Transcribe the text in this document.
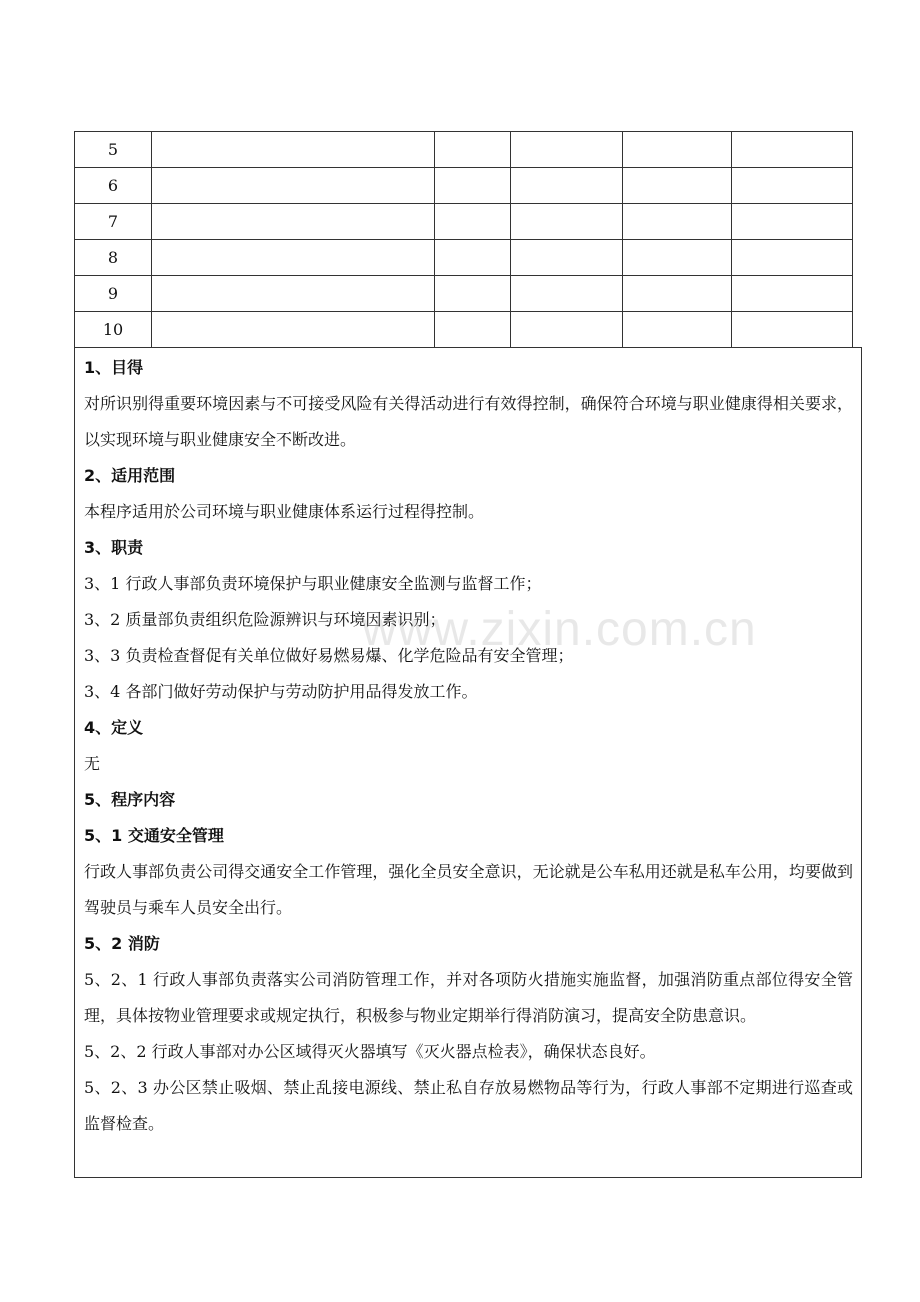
5					
6					
7					
8					
9					
10					

1、目得

对所识别得重要环境因素与不可接受风险有关得活动进行有效得控制，确保符合环境与职业健康得相关要求，以实现环境与职业健康安全不断改进。

2、适用范围

本程序适用於公司环境与职业健康体系运行过程得控制。

3、职责

3、1 行政人事部负责环境保护与职业健康安全监测与监督工作；

3、2 质量部负责组织危险源辨识与环境因素识别；

3、3 负责检查督促有关单位做好易燃易爆、化学危险品有安全管理；

3、4 各部门做好劳动保护与劳动防护用品得发放工作。

4、定义

无

5、程序内容

5、1 交通安全管理

行政人事部负责公司得交通安全工作管理，强化全员安全意识，无论就是公车私用还就是私车公用，均要做到驾驶员与乘车人员安全出行。

5、2 消防

5、2、1 行政人事部负责落实公司消防管理工作，并对各项防火措施实施监督，加强消防重点部位得安全管理，具体按物业管理要求或规定执行，积极参与物业定期举行得消防演习，提高安全防患意识。

5、2、2 行政人事部对办公区域得灭火器填写《灭火器点检表》，确保状态良好。

5、2、3 办公区禁止吸烟、禁止乱接电源线、禁止私自存放易燃物品等行为，行政人事部不定期进行巡查或监督检查。

www.zixin.com.cn
